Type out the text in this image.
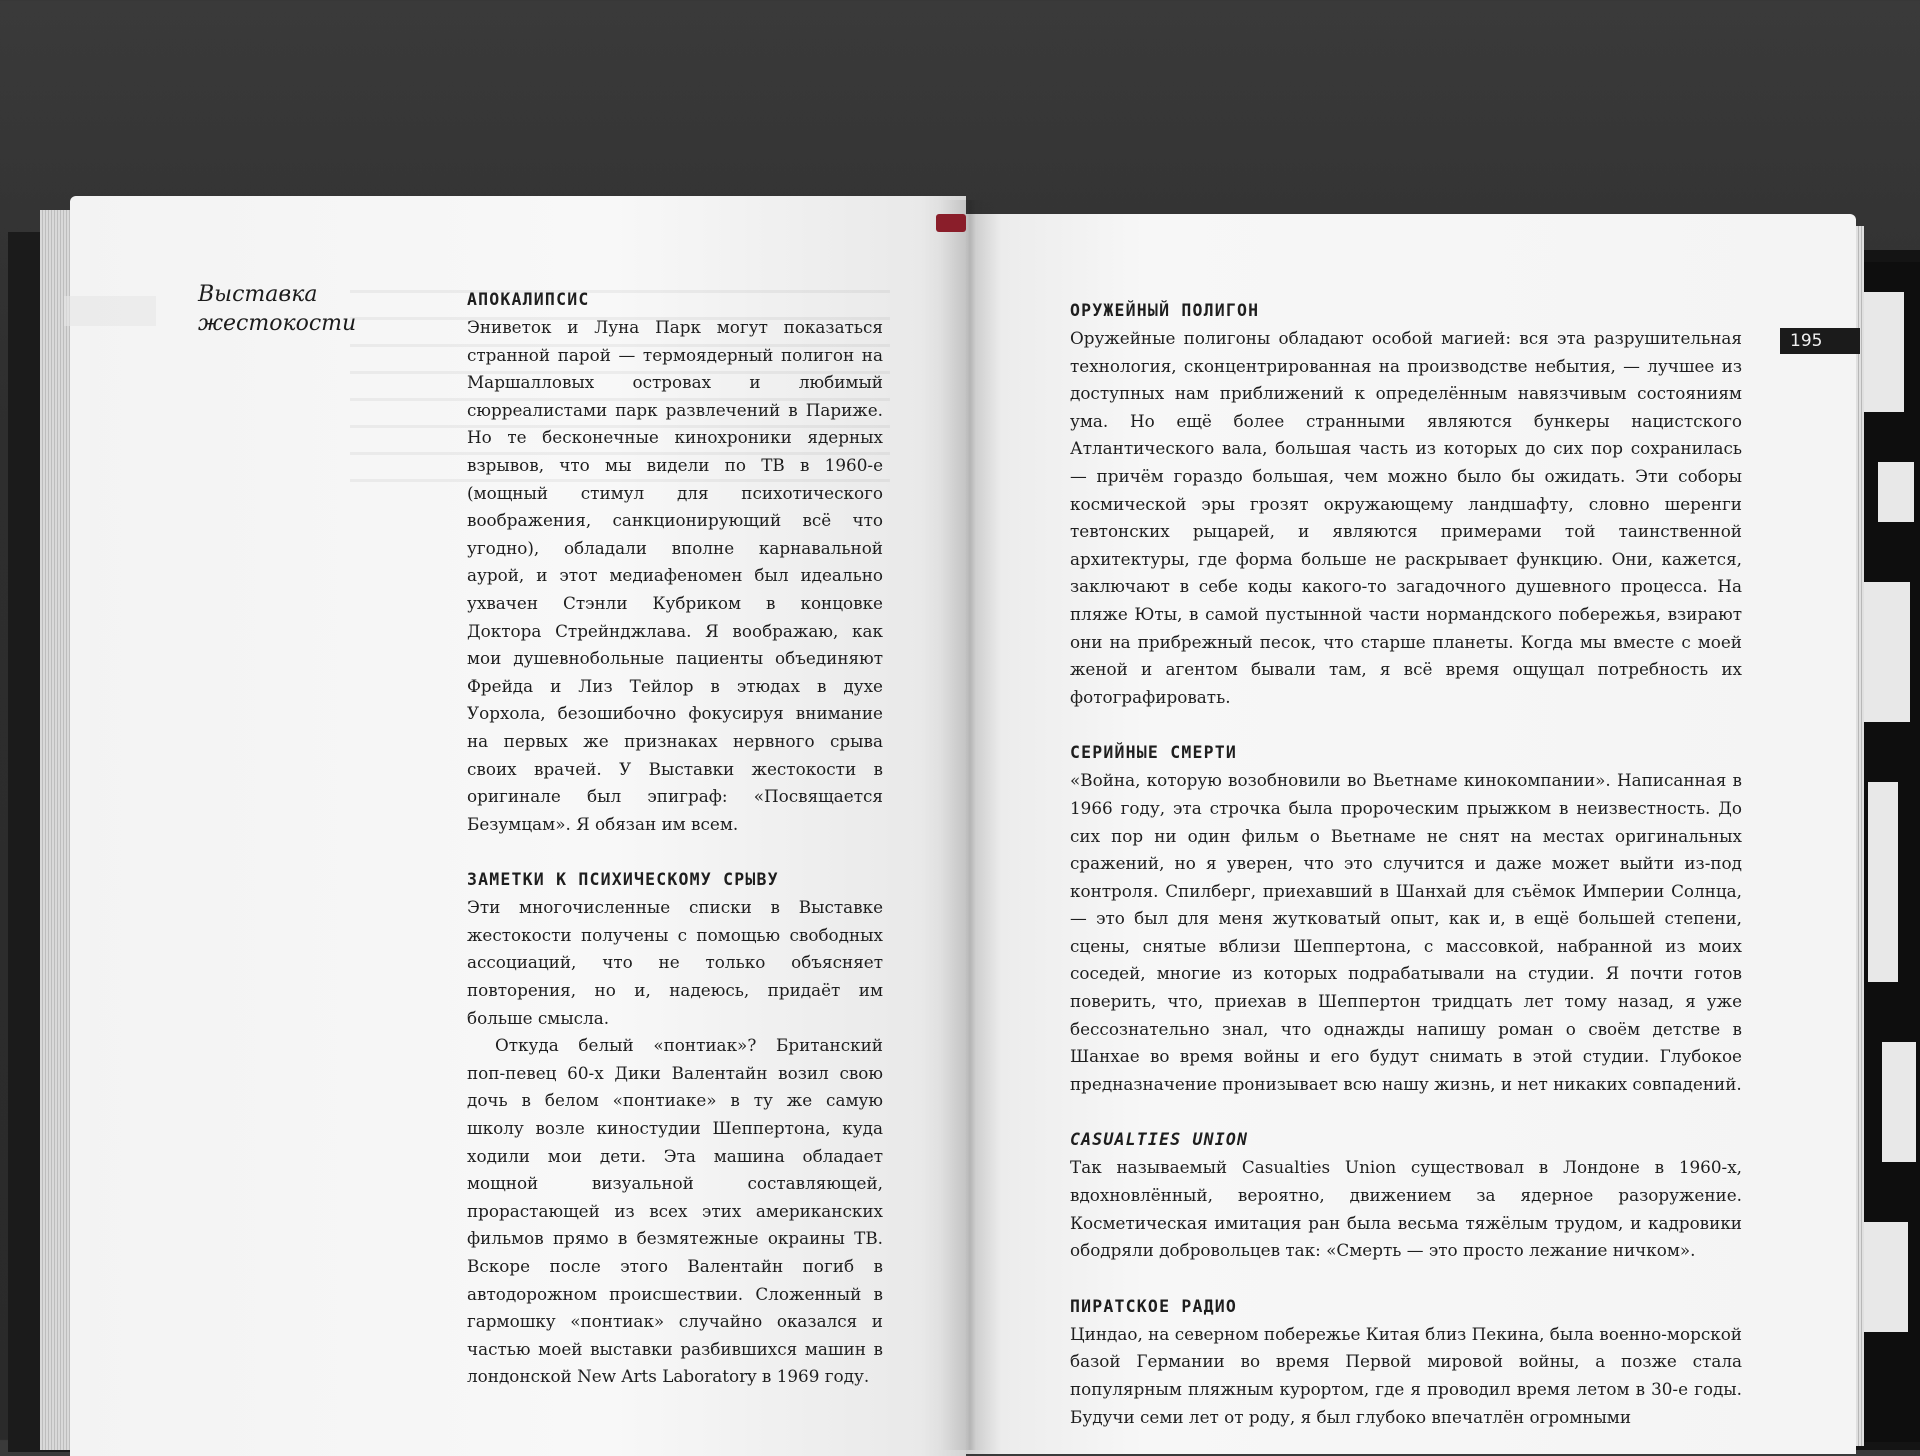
Выставка
жестокости
АПОКАЛИПСИС

Эниветок и Луна Парк могут показаться странной парой — термоядерный полигон на Маршалловых островах и любимый сюрреалистами парк развлечений в Париже. Но те бесконечные кинохроники ядерных взрывов, что мы видели по ТВ в 1960-е (мощный стимул для психотического воображения, санкционирующий всё что угодно), обладали вполне карнавальной аурой, и этот медиафеномен был идеально ухвачен Стэнли Кубриком в концовке Доктора Стрейнджлава. Я воображаю, как мои душевнобольные пациенты объединяют Фрейда и Лиз Тейлор в этюдах в духе Уорхола, безошибочно фокусируя внимание на первых же признаках нервного срыва своих врачей. У Выставки жестокости в оригинале был эпиграф: «Посвящается Безумцам». Я обязан им всем.

ЗАМЕТКИ К ПСИХИЧЕСКОМУ СРЫВУ

Эти многочисленные списки в Выставке жестокости получены с помощью свободных ассоциаций, что не только объясняет повторения, но и, надеюсь, придаёт им больше смысла.

Откуда белый «понтиак»? Британский поп-певец 60-х Дики Валентайн возил свою дочь в белом «понтиаке» в ту же самую школу возле киностудии Шеппертона, куда ходили мои дети. Эта машина обладает мощной визуальной составляющей, прорастающей из всех этих американских фильмов прямо в безмятежные окраины ТВ. Вскоре после этого Валентайн погиб в автодорожном происшествии. Сложенный в гармошку «понтиак» случайно оказался и частью моей выставки разбившихся машин в лондонской New Arts Laboratory в 1969 году.

195
ОРУЖЕЙНЫЙ ПОЛИГОН

Оружейные полигоны обладают особой магией: вся эта разрушительная технология, сконцентрированная на производстве небытия, — лучшее из доступных нам приближений к определённым навязчивым состояниям ума. Но ещё более странными являются бункеры нацистского Атлантического вала, большая часть из которых до сих пор сохранилась — причём гораздо большая, чем можно было бы ожидать. Эти соборы космической эры грозят окружающему ландшафту, словно шеренги тевтонских рыцарей, и являются примерами той таинственной архитектуры, где форма больше не раскрывает функцию. Они, кажется, заключают в себе коды какого-то загадочного душевного процесса. На пляже Юты, в самой пустынной части нормандского побережья, взирают они на прибрежный песок, что старше планеты. Когда мы вместе с моей женой и агентом бывали там, я всё время ощущал потребность их фотографировать.

СЕРИЙНЫЕ СМЕРТИ

«Война, которую возобновили во Вьетнаме кинокомпании». Написанная в 1966 году, эта строчка была пророческим прыжком в неизвестность. До сих пор ни один фильм о Вьетнаме не снят на местах оригинальных сражений, но я уверен, что это случится и даже может выйти из-под контроля. Спилберг, приехавший в Шанхай для съёмок Империи Солнца, — это был для меня жутковатый опыт, как и, в ещё большей степени, сцены, снятые вблизи Шеппертона, с массовкой, набранной из моих соседей, многие из которых подрабатывали на студии. Я почти готов поверить, что, приехав в Шеппертон тридцать лет тому назад, я уже бессознательно знал, что однажды напишу роман о своём детстве в Шанхае во время войны и его будут снимать в этой студии. Глубокое предназначение пронизывает всю нашу жизнь, и нет никаких совпадений.

CASUALTIES UNION

Так называемый Casualties Union существовал в Лондоне в 1960-х, вдохновлённый, вероятно, движением за ядерное разоружение. Косметическая имитация ран была весьма тяжёлым трудом, и кадровики ободряли добровольцев так: «Смерть — это просто лежание ничком».

ПИРАТСКОЕ РАДИО

Циндао, на северном побережье Китая близ Пекина, была военно-морской базой Германии во время Первой мировой войны, а позже стала популярным пляжным курортом, где я проводил время летом в 30-е годы. Будучи семи лет от роду, я был глубоко впечатлён огромными
